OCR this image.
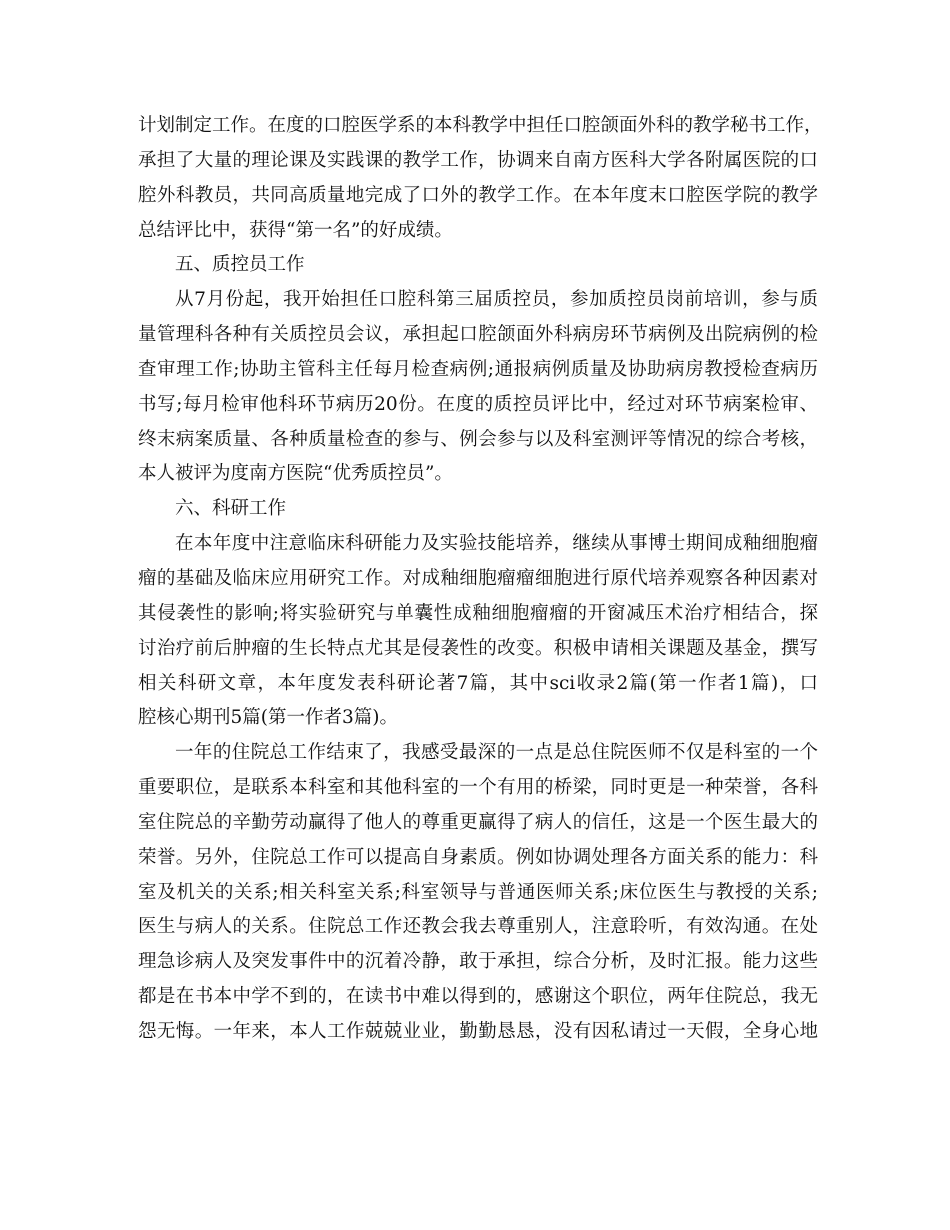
计划制定工作。在度的口腔医学系的本科教学中担任口腔颌面外科的教学秘书工作，
承担了大量的理论课及实践课的教学工作，协调来自南方医科大学各附属医院的口
腔外科教员，共同高质量地完成了口外的教学工作。在本年度末口腔医学院的教学
总结评比中，获得“第一名”的好成绩。
五、质控员工作
从7月份起，我开始担任口腔科第三届质控员，参加质控员岗前培训，参与质
量管理科各种有关质控员会议，承担起口腔颌面外科病房环节病例及出院病例的检
查审理工作;协助主管科主任每月检查病例;通报病例质量及协助病房教授检查病历
书写;每月检审他科环节病历20份。在度的质控员评比中，经过对环节病案检审、
终末病案质量、各种质量检查的参与、例会参与以及科室测评等情况的综合考核，
本人被评为度南方医院“优秀质控员”。
六、科研工作
在本年度中注意临床科研能力及实验技能培养，继续从事博士期间成釉细胞瘤
瘤的基础及临床应用研究工作。对成釉细胞瘤瘤细胞进行原代培养观察各种因素对
其侵袭性的影响;将实验研究与单囊性成釉细胞瘤瘤的开窗减压术治疗相结合，探
讨治疗前后肿瘤的生长特点尤其是侵袭性的改变。积极申请相关课题及基金，撰写
相关科研文章，本年度发表科研论著7篇，其中sci收录2篇(第一作者1篇)，口
腔核心期刊5篇(第一作者3篇)。
一年的住院总工作结束了，我感受最深的一点是总住院医师不仅是科室的一个
重要职位，是联系本科室和其他科室的一个有用的桥梁，同时更是一种荣誉，各科
室住院总的辛勤劳动赢得了他人的尊重更赢得了病人的信任，这是一个医生最大的
荣誉。另外，住院总工作可以提高自身素质。例如协调处理各方面关系的能力：科
室及机关的关系;相关科室关系;科室领导与普通医师关系;床位医生与教授的关系;
医生与病人的关系。住院总工作还教会我去尊重别人，注意聆听，有效沟通。在处
理急诊病人及突发事件中的沉着冷静，敢于承担，综合分析，及时汇报。能力这些
都是在书本中学不到的，在读书中难以得到的，感谢这个职位，两年住院总，我无
怨无悔。一年来，本人工作兢兢业业，勤勤恳恳，没有因私请过一天假，全身心地
